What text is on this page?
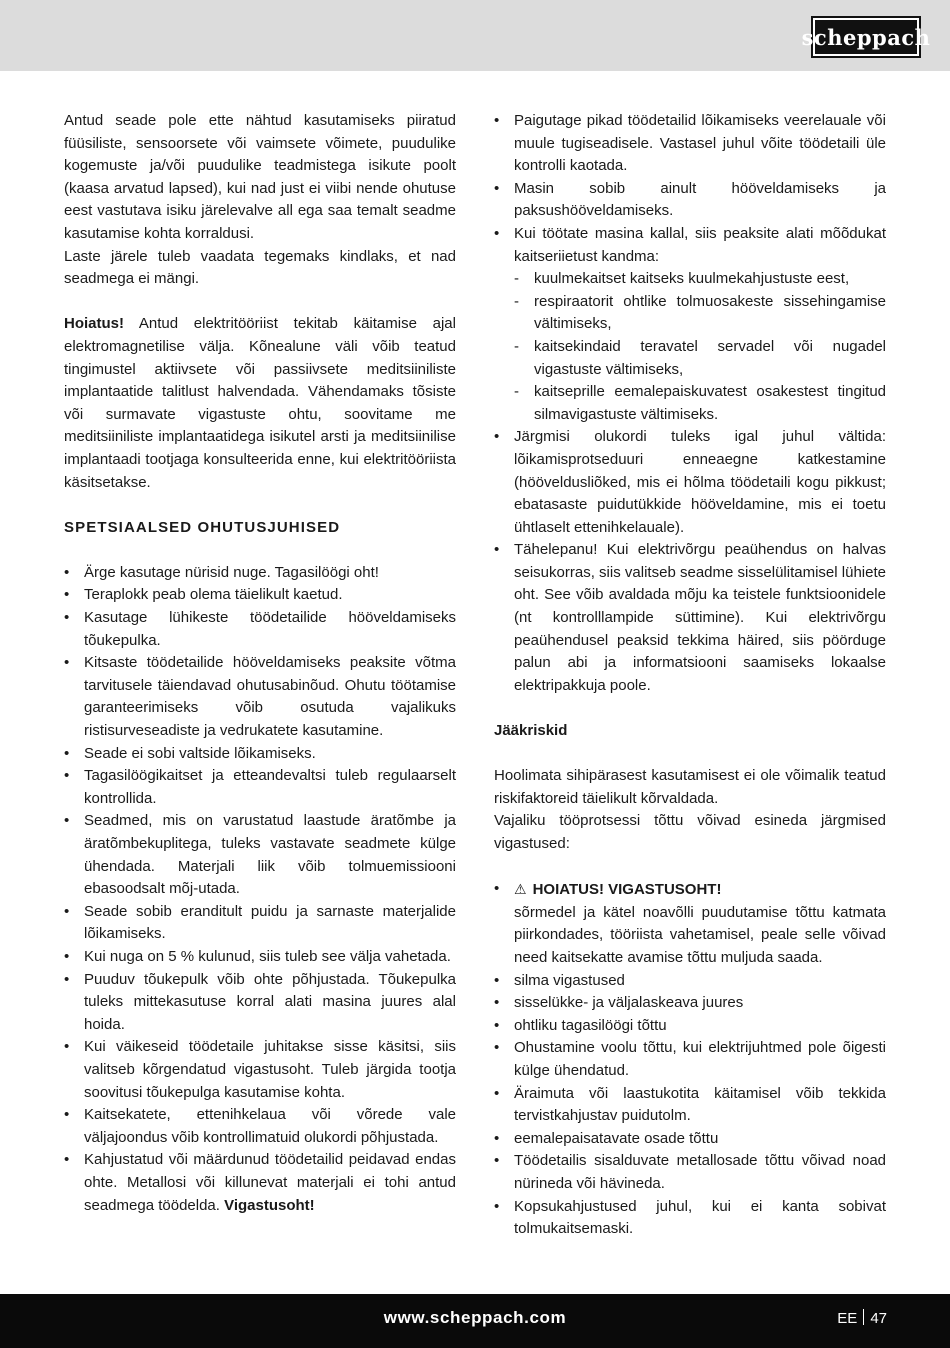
scheppach

Antud seade pole ette nähtud kasutamiseks piiratud füüsiliste, sensoorsete või vaimsete võimete, puudulike kogemuste ja/või puudulike teadmistega isikute poolt (kaasa arvatud lapsed), kui nad just ei viibi nende ohutuse eest vastutava isiku järelevalve all ega saa temalt seadme kasutamise kohta korraldusi.

Laste järele tuleb vaadata tegemaks kindlaks, et nad seadmega ei mängi.

Hoiatus! Antud elektritööriist tekitab käitamise ajal elektromagnetilise välja. Kõnealune väli võib teatud tingimustel aktiivsete või passiivsete meditsiiniliste implantaatide talitlust halvendada. Vähendamaks tõsiste või surmavate vigastuste ohtu, soovitame me meditsiiniliste implantaatidega isikutel arsti ja meditsiinilise implantaadi tootjaga konsulteerida enne, kui elektritööriista käsitsetakse.

SPETSIAALSED OHUTUSJUHISED

• Ärge kasutage nürisid nuge. Tagasilöögi oht!
• Teraplokk peab olema täielikult kaetud.
• Kasutage lühikeste töödetailide hööveldamiseks tõukepulka.
• Kitsaste töödetailide hööveldamiseks peaksite võtma tarvitusele täiendavad ohutusabinõud. Ohutu töötamise garanteerimiseks võib osutuda vajalikuks ristisurveseadiste ja vedrukatete kasutamine.
• Seade ei sobi valtside lõikamiseks.
• Tagasilöögikaitset ja etteandevaltsi tuleb regulaarselt kontrollida.
• Seadmed, mis on varustatud laastude äratõmbe ja äratõmbekuplitega, tuleks vastavate seadmete külge ühendada. Materjali liik võib tolmuemissiooni ebasoodsalt mõj-utada.
• Seade sobib eranditult puidu ja sarnaste materjalide lõikamiseks.
• Kui nuga on 5 % kulunud, siis tuleb see välja vahetada.
• Puuduv tõukepulk võib ohte põhjustada. Tõukepulka tuleks mittekasutuse korral alati masina juures alal hoida.
• Kui väikeseid töödetaile juhitakse sisse käsitsi, siis valitseb kõrgendatud vigastusoht. Tuleb järgida tootja soovitusi tõukepulga kasutamise kohta.
• Kaitsekatete, ettenihkelaua või võrede vale väljajoondus võib kontrollimatuid olukordi põhjustada.
• Kahjustatud või määrdunud töödetailid peidavad endas ohte. Metallosi või killunevat materjali ei tohi antud seadmega töödelda. Vigastusoht!
• Paigutage pikad töödetailid lõikamiseks veerelauale või muule tugiseadisele. Vastasel juhul võite töödetaili üle kontrolli kaotada.
• Masin sobib ainult hööveldamiseks ja paksushööveldamiseks.
• Kui töötate masina kallal, siis peaksite alati mõõdukat kaitseriietust kandma:
- kuulmekaitset kaitseks kuulmekahjustuste eest,
- respiraatorit ohtlike tolmuosakeste sissehingamise vältimiseks,
- kaitsekindaid teravatel servadel või nugadel vigastuste vältimiseks,
- kaitseprille eemalepaiskuvatest osakestest tingitud silmavigastuste vältimiseks.
• Järgmisi olukordi tuleks igal juhul vältida: lõikamisprotseduuri enneaegne katkestamine (hööveldusliõked, mis ei hõlma töödetaili kogu pikkust; ebatasaste puidutükkide hööveldamine, mis ei toetu ühtlaselt ettenihkelauale).
• Tähelepanu! Kui elektrivõrgu peaühendus on halvas seisukorras, siis valitseb seadme sisselülitamisel lühiete oht. See võib avaldada mõju ka teistele funktsioonidele (nt kontrolllampide süttimine). Kui elektrivõrgu peaühendusel peaksid tekkima häired, siis pöörduge palun abi ja informatsiooni saamiseks lokaalse elektripakkuja poole.

Jääkriskid

Hoolimata sihipärasest kasutamisest ei ole võimalik teatud riskifaktoreid täielikult kõrvaldada.

Vajaliku tööprotsessi tõttu võivad esineda järgmised vigastused:

• ⚠ HOIATUS! VIGASTUSOHT!
sõrmedel ja kätel noavõlli puudutamise tõttu katmata piirkondades, tööriista vahetamisel, peale selle võivad need kaitsekatte avamise tõttu muljuda saada.
• silma vigastused
• sisselükke- ja väljalaskeava juures
• ohtliku tagasilöögi tõttu
• Ohustamine voolu tõttu, kui elektrijuhtmed pole õigesti külge ühendatud.
• Äraimuta või laastukotita käitamisel võib tekkida tervistkahjustav puidutolm.
• eemalepaisatavate osade tõttu
• Töödetailis sisalduvate metallosade tõttu võivad noad nürineda või hävineda.
• Kopsukahjustused juhul, kui ei kanta sobivat tolmukaitsemaski.
www.scheppach.com	EE 47
